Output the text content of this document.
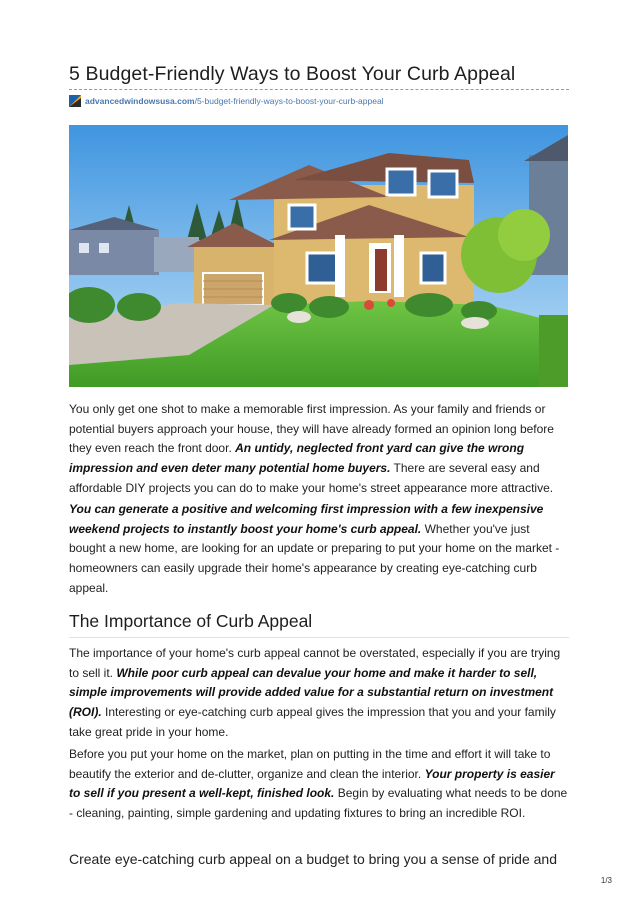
5 Budget-Friendly Ways to Boost Your Curb Appeal
advancedwindowsusa.com/5-budget-friendly-ways-to-boost-your-curb-appeal

You only get one shot to make a memorable first impression. As your family and friends or potential buyers approach your house, they will have already formed an opinion long before they even reach the front door. An untidy, neglected front yard can give the wrong impression and even deter many potential home buyers. There are several easy and affordable DIY projects you can do to make your home's street appearance more attractive.

You can generate a positive and welcoming first impression with a few inexpensive weekend projects to instantly boost your home's curb appeal. Whether you've just bought a new home, are looking for an update or preparing to put your home on the market - homeowners can easily upgrade their home's appearance by creating eye-catching curb appeal.

The Importance of Curb Appeal

The importance of your home's curb appeal cannot be overstated, especially if you are trying to sell it. While poor curb appeal can devalue your home and make it harder to sell, simple improvements will provide added value for a substantial return on investment (ROI). Interesting or eye-catching curb appeal gives the impression that you and your family take great pride in your home.

Before you put your home on the market, plan on putting in the time and effort it will take to beautify the exterior and de-clutter, organize and clean the interior. Your property is easier to sell if you present a well-kept, finished look. Begin by evaluating what needs to be done - cleaning, painting, simple gardening and updating fixtures to bring an incredible ROI.

Create eye-catching curb appeal on a budget to bring you a sense of pride and

1/3
